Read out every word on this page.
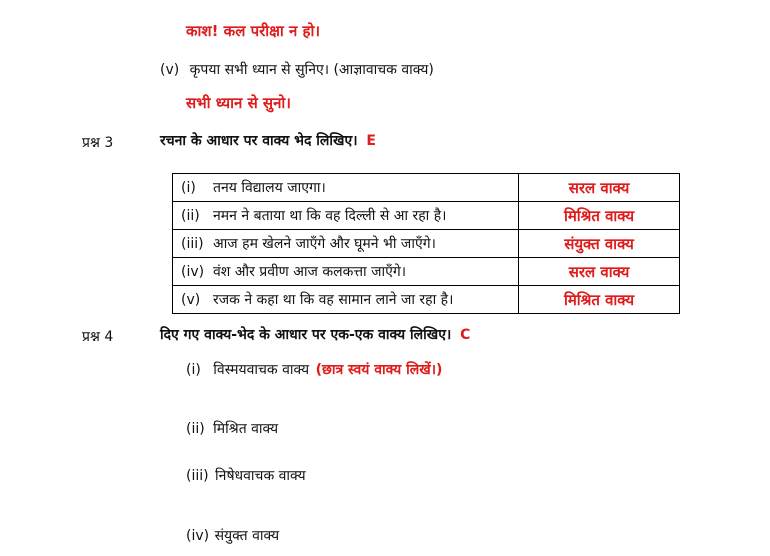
काश! कल परीक्षा न हो।
(v) कृपया सभी ध्यान से सुनिए। (आज्ञावाचक वाक्य)
सभी ध्यान से सुनो।
प्रश्न 3	रचना के आधार पर वाक्य भेद लिखिए। E
(i) तनय विद्यालय जाएगा।	सरल वाक्य
(ii) नमन ने बताया था कि वह दिल्ली से आ रहा है।	मिश्रित वाक्य
(iii) आज हम खेलने जाएँगे और घूमने भी जाएँगे।	संयुक्त वाक्य
(iv) वंश और प्रवीण आज कलकत्ता जाएँगे।	सरल वाक्य
(v) रजक ने कहा था कि वह सामान लाने जा रहा है।	मिश्रित वाक्य
प्रश्न 4	दिए गए वाक्य-भेद के आधार पर एक-एक वाक्य लिखिए। C
(i) विस्मयवाचक वाक्य (छात्र स्वयं वाक्य लिखें।)
(ii) मिश्रित वाक्य
(iii) निषेधवाचक वाक्य
(iv) संयुक्त वाक्य
